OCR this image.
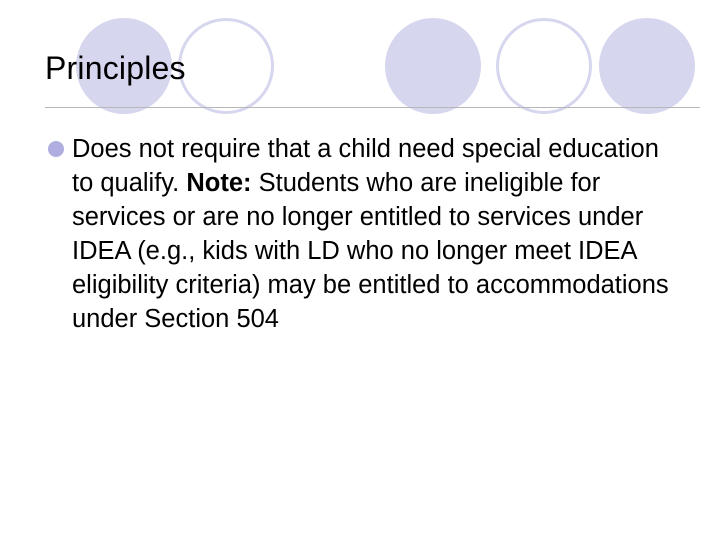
Principles
Does not require that a child need special education to qualify. Note: Students who are ineligible for services or are no longer entitled to services under IDEA (e.g., kids with LD who no longer meet IDEA eligibility criteria) may be entitled to accommodations under Section 504
